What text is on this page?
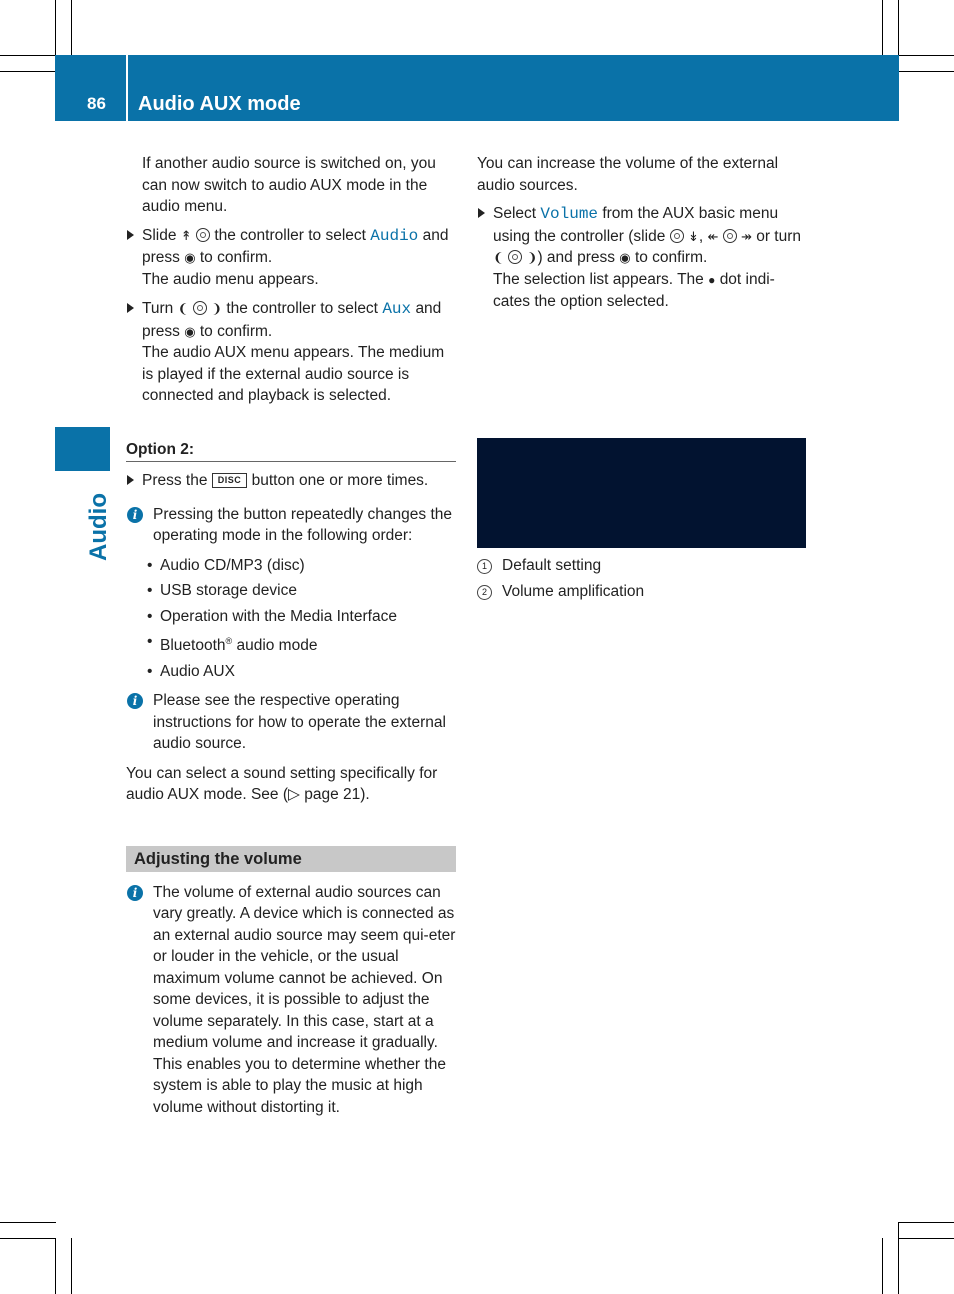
86 Audio AUX mode
Audio

If another audio source is switched on, you can now switch to audio AUX mode in the audio menu.

Slide ↟ the controller to select Audio and press ◉ to confirm.
The audio menu appears.
Turn ❨ ❩ the controller to select Aux and press ◉ to confirm.
The audio AUX menu appears. The medium is played if the external audio source is connected and playback is selected.
Option 2:
Press the DISC button one or more times.
i	Pressing the button repeatedly changes the operating mode in the following order:
• Audio CD/MP3 (disc)
• USB storage device
• Operation with the Media Interface
• Bluetooth® audio mode
• Audio AUX
i	Please see the respective operating instructions for how to operate the external audio source.

You can select a sound setting specifically for audio AUX mode. See (▷ page 21).

Adjusting the volume
i	The volume of external audio sources can vary greatly. A device which is connected as an external audio source may seem qui-eter or louder in the vehicle, or the usual maximum volume cannot be achieved. On some devices, it is possible to adjust the volume separately. In this case, start at a medium volume and increase it gradually. This enables you to determine whether the system is able to play the music at high volume without distorting it.

You can increase the volume of the external audio sources.

Select Volume from the AUX basic menu using the controller (slide ↡, ↞ ↠ or turn ❨ ❩) and press ◉ to confirm.
The selection list appears. The ● dot indi-cates the option selected.
1 Default setting
2 Volume amplification
